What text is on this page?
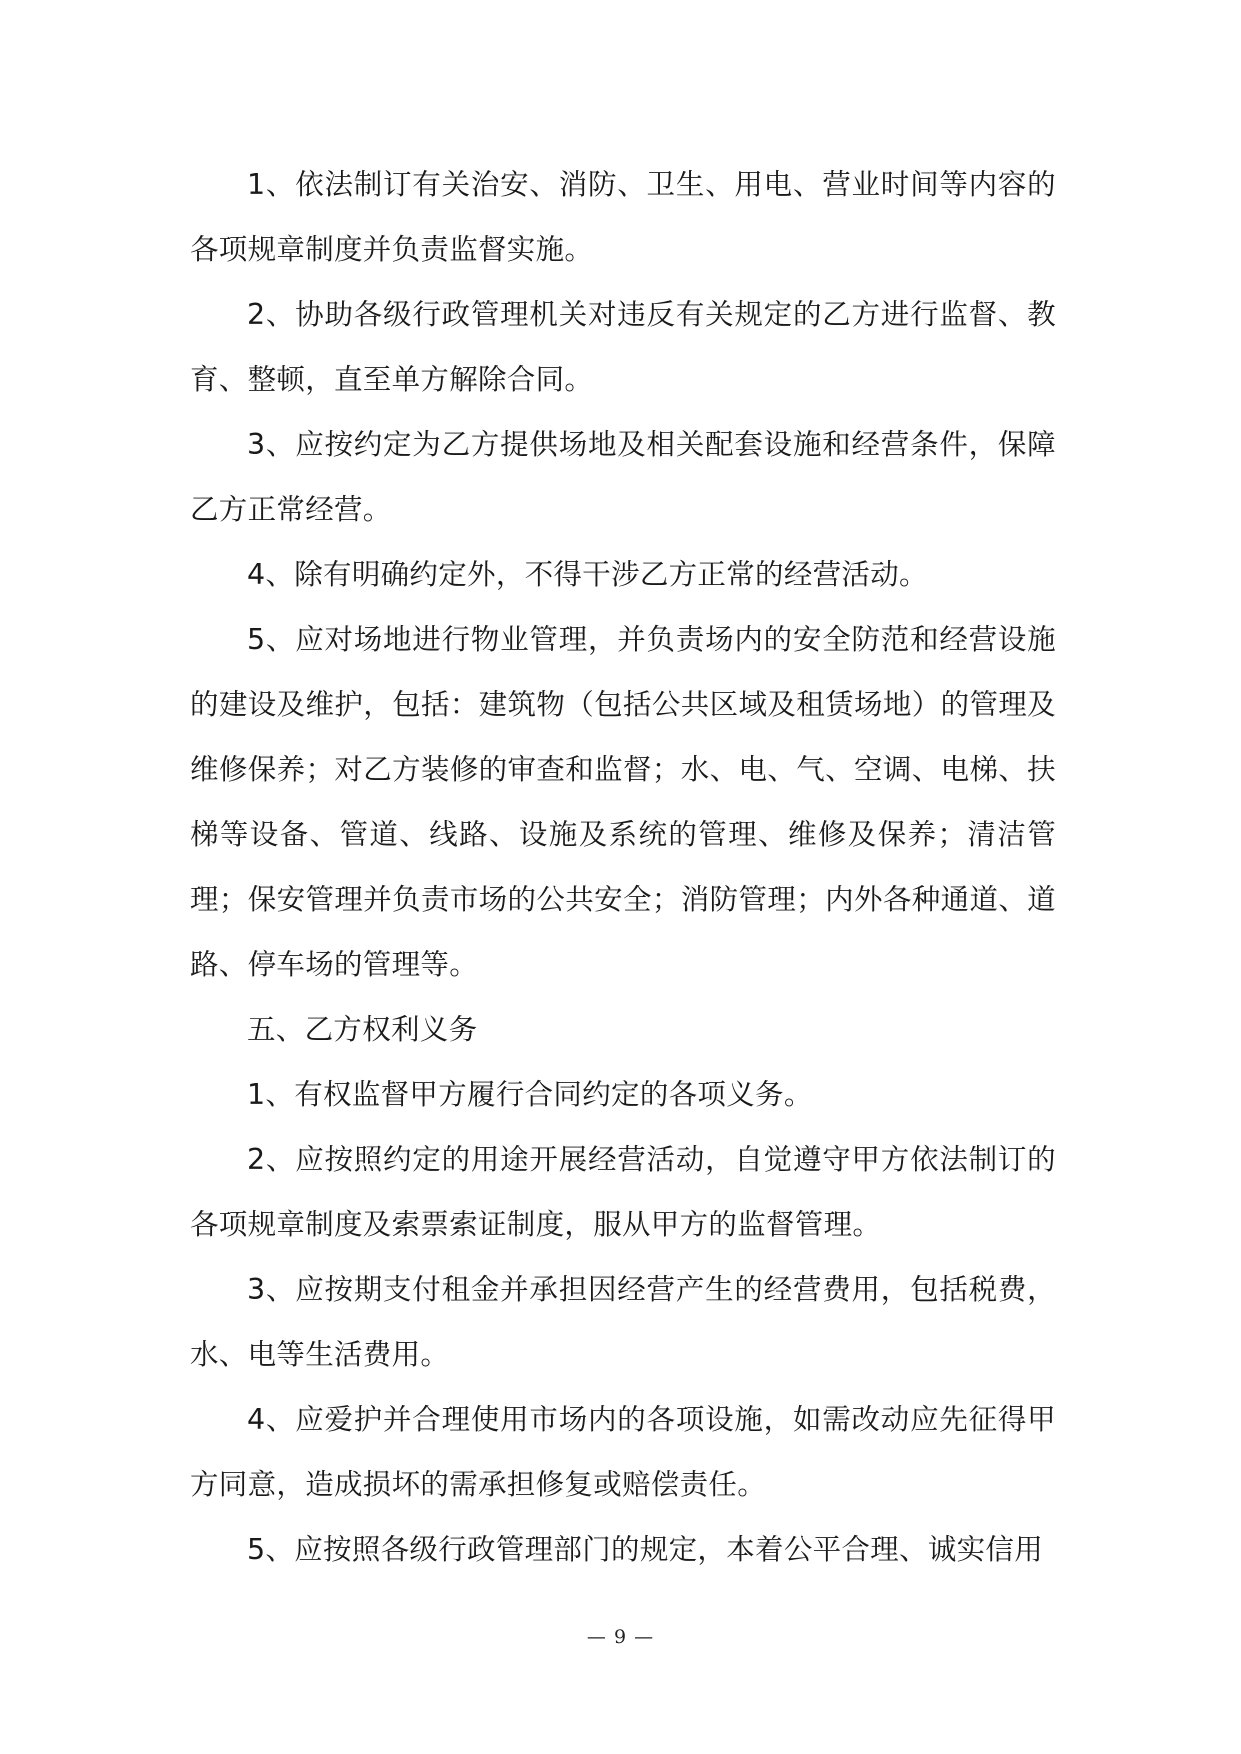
1、依法制订有关治安、消防、卫生、用电、营业时间等内容的各项规章制度并负责监督实施。

2、协助各级行政管理机关对违反有关规定的乙方进行监督、教育、整顿，直至单方解除合同。

3、应按约定为乙方提供场地及相关配套设施和经营条件，保障乙方正常经营。

4、除有明确约定外，不得干涉乙方正常的经营活动。

5、应对场地进行物业管理，并负责场内的安全防范和经营设施的建设及维护，包括：建筑物（包括公共区域及租赁场地）的管理及维修保养；对乙方装修的审查和监督；水、电、气、空调、电梯、扶梯等设备、管道、线路、设施及系统的管理、维修及保养；清洁管理；保安管理并负责市场的公共安全；消防管理；内外各种通道、道路、停车场的管理等。

五、乙方权利义务

1、有权监督甲方履行合同约定的各项义务。

2、应按照约定的用途开展经营活动，自觉遵守甲方依法制订的各项规章制度及索票索证制度，服从甲方的监督管理。

3、应按期支付租金并承担因经营产生的经营费用，包括税费，水、电等生活费用。

4、应爱护并合理使用市场内的各项设施，如需改动应先征得甲方同意，造成损坏的需承担修复或赔偿责任。

5、应按照各级行政管理部门的规定，本着公平合理、诚实信用

— 9 —
